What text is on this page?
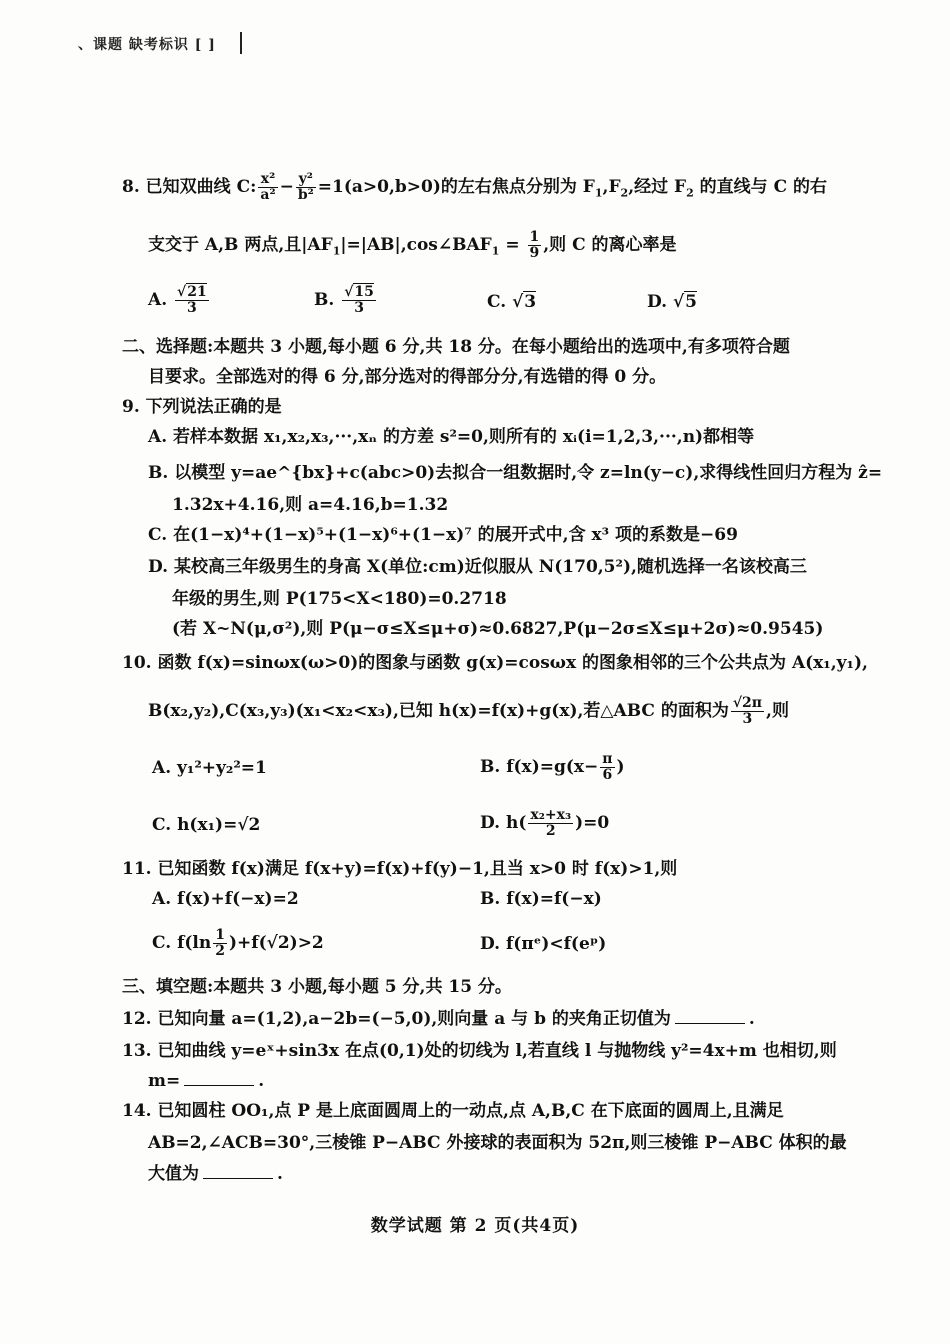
、课题 缺考标识 [ ]
8. 已知双曲线 C: $\frac{\text{x²}}{\text{a²}} - \frac{\text{y²}}{\text{b²}} =1(a>0,b>0)$的左右焦点分别为 $F_1,F_2$,经过 $F_2$ 的直线与 C 的右
支交于 A,B 两点,且$|AF_1|=|AB|,\cos\angle BAF_1 = \frac{1}{9}$ ,则 C 的离心率是
A. $\frac{√21}{3}$	B. $\frac{√15}{3}$	C. √3	D. √5
二、选择题:本题共 3 小题,每小题 6 分,共 18 分。在每小题给出的选项中,有多项符合题
目要求。全部选对的得 6 分,部分选对的得部分分,有选错的得 0 分。
9. 下列说法正确的是
A. 若样本数据 x₁,x₂,x₃,···,xₙ 的方差 s²=0,则所有的 xᵢ(i=1,2,3,···,n)都相等
B. 以模型 y=ae^{bx}+c(abc>0)去拟合一组数据时,令 z=ln(y−c),求得线性回归方程为 ẑ=
1.32x+4.16,则 a=4.16,b=1.32
C. 在(1−x)⁴+(1−x)⁵+(1−x)⁶+(1−x)⁷ 的展开式中,含 x³ 项的系数是−69
D. 某校高三年级男生的身高 X(单位:cm)近似服从 N(170,5²),随机选择一名该校高三
年级的男生,则 P(175<X<180)=0.2718
(若 X~N(μ,σ²),则 P(μ−σ≤X≤μ+σ)≈0.6827,P(μ−2σ≤X≤μ+2σ)≈0.9545)
10. 函数 f(x)=sinωx(ω>0)的图象与函数 g(x)=cosωx 的图象相邻的三个公共点为 A(x₁,y₁),
B(x₂,y₂),C(x₃,y₃)(x₁<x₂<x₃),已知 h(x)=f(x)+g(x),若△ABC 的面积为 $\frac{√2\pi}{3}$ ,则
A. y₁²+y₂²=1	B. $f(x)=g(x- \frac{\pi}{6}$ )
C. h(x₁)=√2	D. $h( \frac{\text{x₂+x₃}}{2} )=0$
11. 已知函数 f(x)满足 f(x+y)=f(x)+f(y)−1,且当 x>0 时 f(x)>1,则
A. f(x)+f(−x)=2	B. f(x)=f(−x)
C. $f(\ln \frac{1}{2} )+f(√2)>2$	D. f(πᵉ)<f(eᵖ)
三、填空题:本题共 3 小题,每小题 5 分,共 15 分。
12. 已知向量 a=(1,2),a−2b=(−5,0),则向量 a 与 b 的夹角正切值为	.
13. 已知曲线 y=eˣ+sin3x 在点(0,1)处的切线为 l,若直线 l 与抛物线 y²=4x+m 也相切,则
m=	.
14. 已知圆柱 OO₁,点 P 是上底面圆周上的一动点,点 A,B,C 在下底面的圆周上,且满足
AB=2,∠ACB=30°,三棱锥 P−ABC 外接球的表面积为 52π,则三棱锥 P−ABC 体积的最
大值为	.
数学试题 第 2 页(共4页)
